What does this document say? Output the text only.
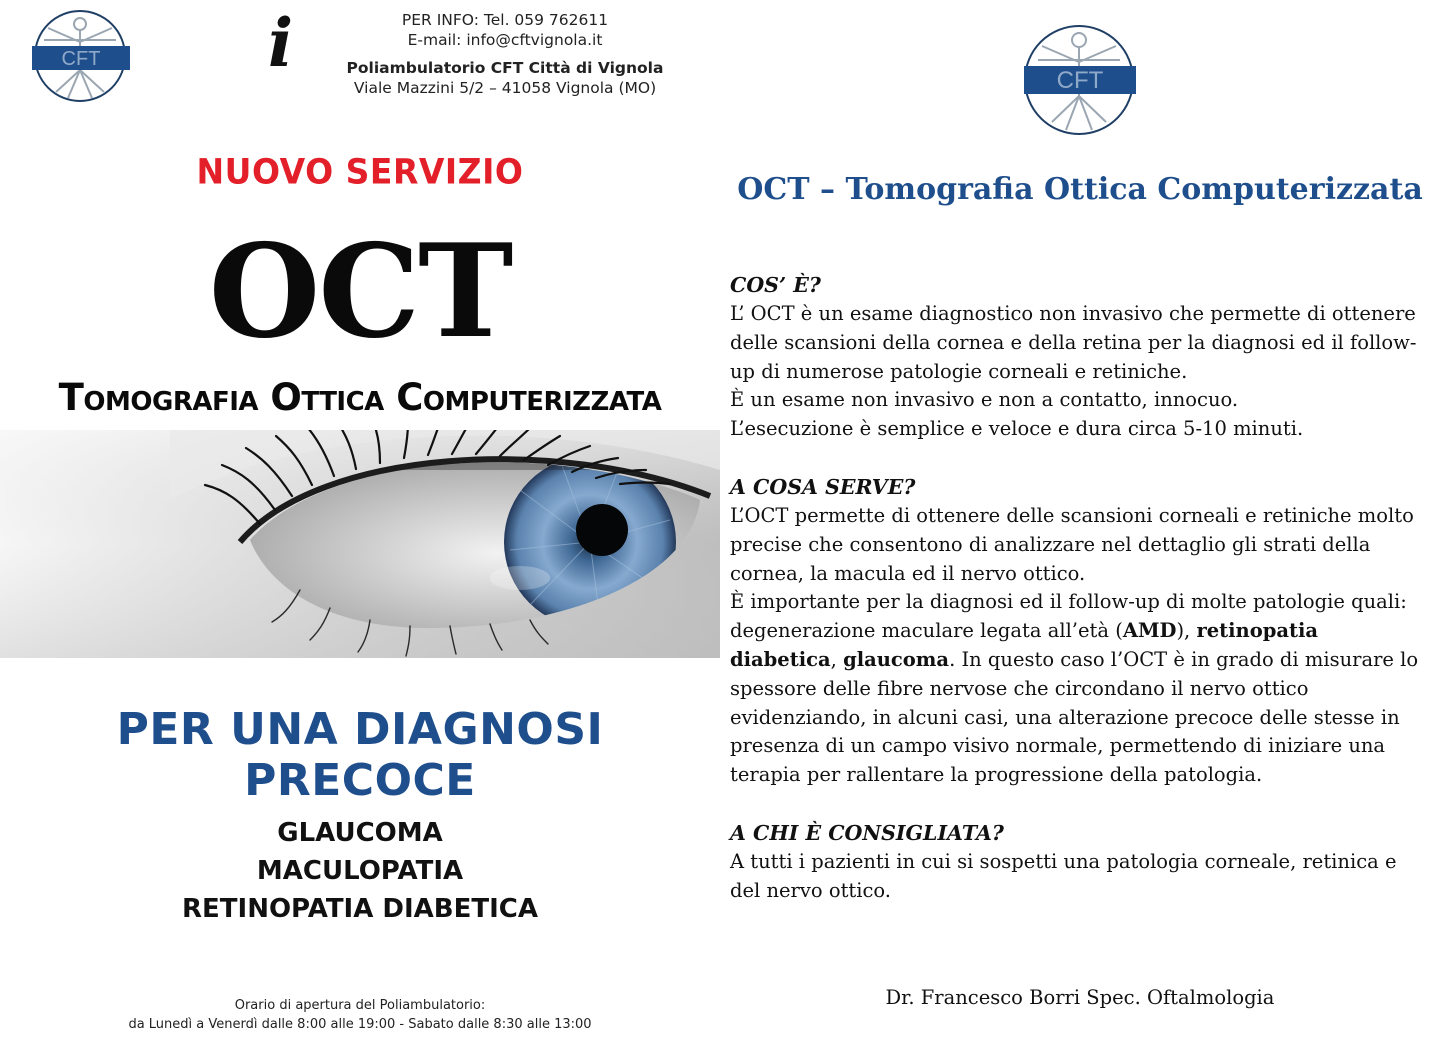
CFT	i	PER INFO: Tel. 059 762611
E-mail: info@cftvignola.it
Poliambulatorio CFT Città di Vignola
Viale Mazzini 5/2 – 41058 Vignola (MO)
NUOVO SERVIZIO
OCT
Tomografia Ottica Computerizzata
PER UNA DIAGNOSI PRECOCE
GLAUCOMA
MACULOPATIA
RETINOPATIA DIABETICA
Orario di apertura del Poliambulatorio:
da Lunedì a Venerdì dalle 8:00 alle 19:00 - Sabato dalle 8:30 alle 13:00
CFT
OCT – Tomografia Ottica Computerizzata
COS’ È?

L’ OCT è un esame diagnostico non invasivo che permette di ottenere delle scansioni della cornea e della retina per la diagnosi ed il follow-up di numerose patologie corneali e retiniche.

È un esame non invasivo e non a contatto, innocuo.

L’esecuzione è semplice e veloce e dura circa 5-10 minuti.

A COSA SERVE?

L’OCT permette di ottenere delle scansioni corneali e retiniche molto precise che consentono di analizzare nel dettaglio gli strati della cornea, la macula ed il nervo ottico.

È importante per la diagnosi ed il follow-up di molte patologie quali: degenerazione maculare legata all’età (AMD), retinopatia diabetica, glaucoma. In questo caso l’OCT è in grado di misurare lo spessore delle fibre nervose che circondano il nervo ottico evidenziando, in alcuni casi, una alterazione precoce delle stesse in presenza di un campo visivo normale, permettendo di iniziare una terapia per rallentare la progressione della patologia.

A CHI È CONSIGLIATA?

A tutti i pazienti in cui si sospetti una patologia corneale, retinica e del nervo ottico.

Dr. Francesco Borri Spec. Oftalmologia
